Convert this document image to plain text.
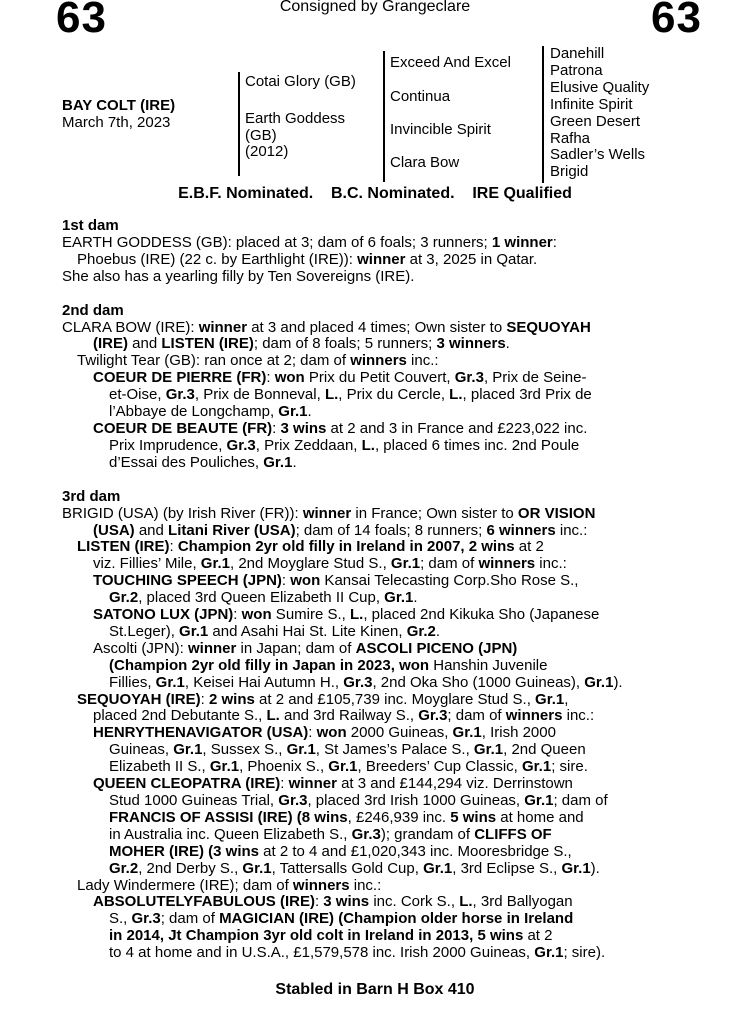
63	Consigned by Grangeclare	63
BAY COLT (IRE)
March 7th, 2023
Cotai Glory (GB)
Earth Goddess
(GB)
(2012)
Exceed And Excel
Continua
Invincible Spirit
Clara Bow
Danehill
Patrona
Elusive Quality
Infinite Spirit
Green Desert
Rafha
Sadler’s Wells
Brigid
E.B.F. Nominated.    B.C. Nominated.    IRE Qualified
1st dam
EARTH GODDESS (GB): placed at 3; dam of 6 foals; 3 runners; 1 winner:
Phoebus (IRE) (22 c. by Earthlight (IRE)): winner at 3, 2025 in Qatar.
She also has a yearling filly by Ten Sovereigns (IRE).
2nd dam
CLARA BOW (IRE): winner at 3 and placed 4 times; Own sister to SEQUOYAH
(IRE) and LISTEN (IRE); dam of 8 foals; 5 runners; 3 winners.
Twilight Tear (GB): ran once at 2; dam of winners inc.:
COEUR DE PIERRE (FR): won Prix du Petit Couvert, Gr.3, Prix de Seine-
et-Oise, Gr.3, Prix de Bonneval, L., Prix du Cercle, L., placed 3rd Prix de
l’Abbaye de Longchamp, Gr.1.
COEUR DE BEAUTE (FR): 3 wins at 2 and 3 in France and £223,022 inc.
Prix Imprudence, Gr.3, Prix Zeddaan, L., placed 6 times inc. 2nd Poule
d’Essai des Pouliches, Gr.1.
3rd dam
BRIGID (USA) (by Irish River (FR)): winner in France; Own sister to OR VISION
(USA) and Litani River (USA); dam of 14 foals; 8 runners; 6 winners inc.:
LISTEN (IRE): Champion 2yr old filly in Ireland in 2007, 2 wins at 2
viz. Fillies’ Mile, Gr.1, 2nd Moyglare Stud S., Gr.1; dam of winners inc.:
TOUCHING SPEECH (JPN): won Kansai Telecasting Corp.Sho Rose S.,
Gr.2, placed 3rd Queen Elizabeth II Cup, Gr.1.
SATONO LUX (JPN): won Sumire S., L., placed 2nd Kikuka Sho (Japanese
St.Leger), Gr.1 and Asahi Hai St. Lite Kinen, Gr.2.
Ascolti (JPN): winner in Japan; dam of ASCOLI PICENO (JPN)
(Champion 2yr old filly in Japan in 2023, won Hanshin Juvenile
Fillies, Gr.1, Keisei Hai Autumn H., Gr.3, 2nd Oka Sho (1000 Guineas), Gr.1).
SEQUOYAH (IRE): 2 wins at 2 and £105,739 inc. Moyglare Stud S., Gr.1,
placed 2nd Debutante S., L. and 3rd Railway S., Gr.3; dam of winners inc.:
HENRYTHENAVIGATOR (USA): won 2000 Guineas, Gr.1, Irish 2000
Guineas, Gr.1, Sussex S., Gr.1, St James’s Palace S., Gr.1, 2nd Queen
Elizabeth II S., Gr.1, Phoenix S., Gr.1, Breeders’ Cup Classic, Gr.1; sire.
QUEEN CLEOPATRA (IRE): winner at 3 and £144,294 viz. Derrinstown
Stud 1000 Guineas Trial, Gr.3, placed 3rd Irish 1000 Guineas, Gr.1; dam of
FRANCIS OF ASSISI (IRE) (8 wins, £246,939 inc. 5 wins at home and
in Australia inc. Queen Elizabeth S., Gr.3); grandam of CLIFFS OF
MOHER (IRE) (3 wins at 2 to 4 and £1,020,343 inc. Mooresbridge S.,
Gr.2, 2nd Derby S., Gr.1, Tattersalls Gold Cup, Gr.1, 3rd Eclipse S., Gr.1).
Lady Windermere (IRE); dam of winners inc.:
ABSOLUTELYFABULOUS (IRE): 3 wins inc. Cork S., L., 3rd Ballyogan
S., Gr.3; dam of MAGICIAN (IRE) (Champion older horse in Ireland
in 2014, Jt Champion 3yr old colt in Ireland in 2013, 5 wins at 2
to 4 at home and in U.S.A., £1,579,578 inc. Irish 2000 Guineas, Gr.1; sire).
Stabled in Barn H Box 410
